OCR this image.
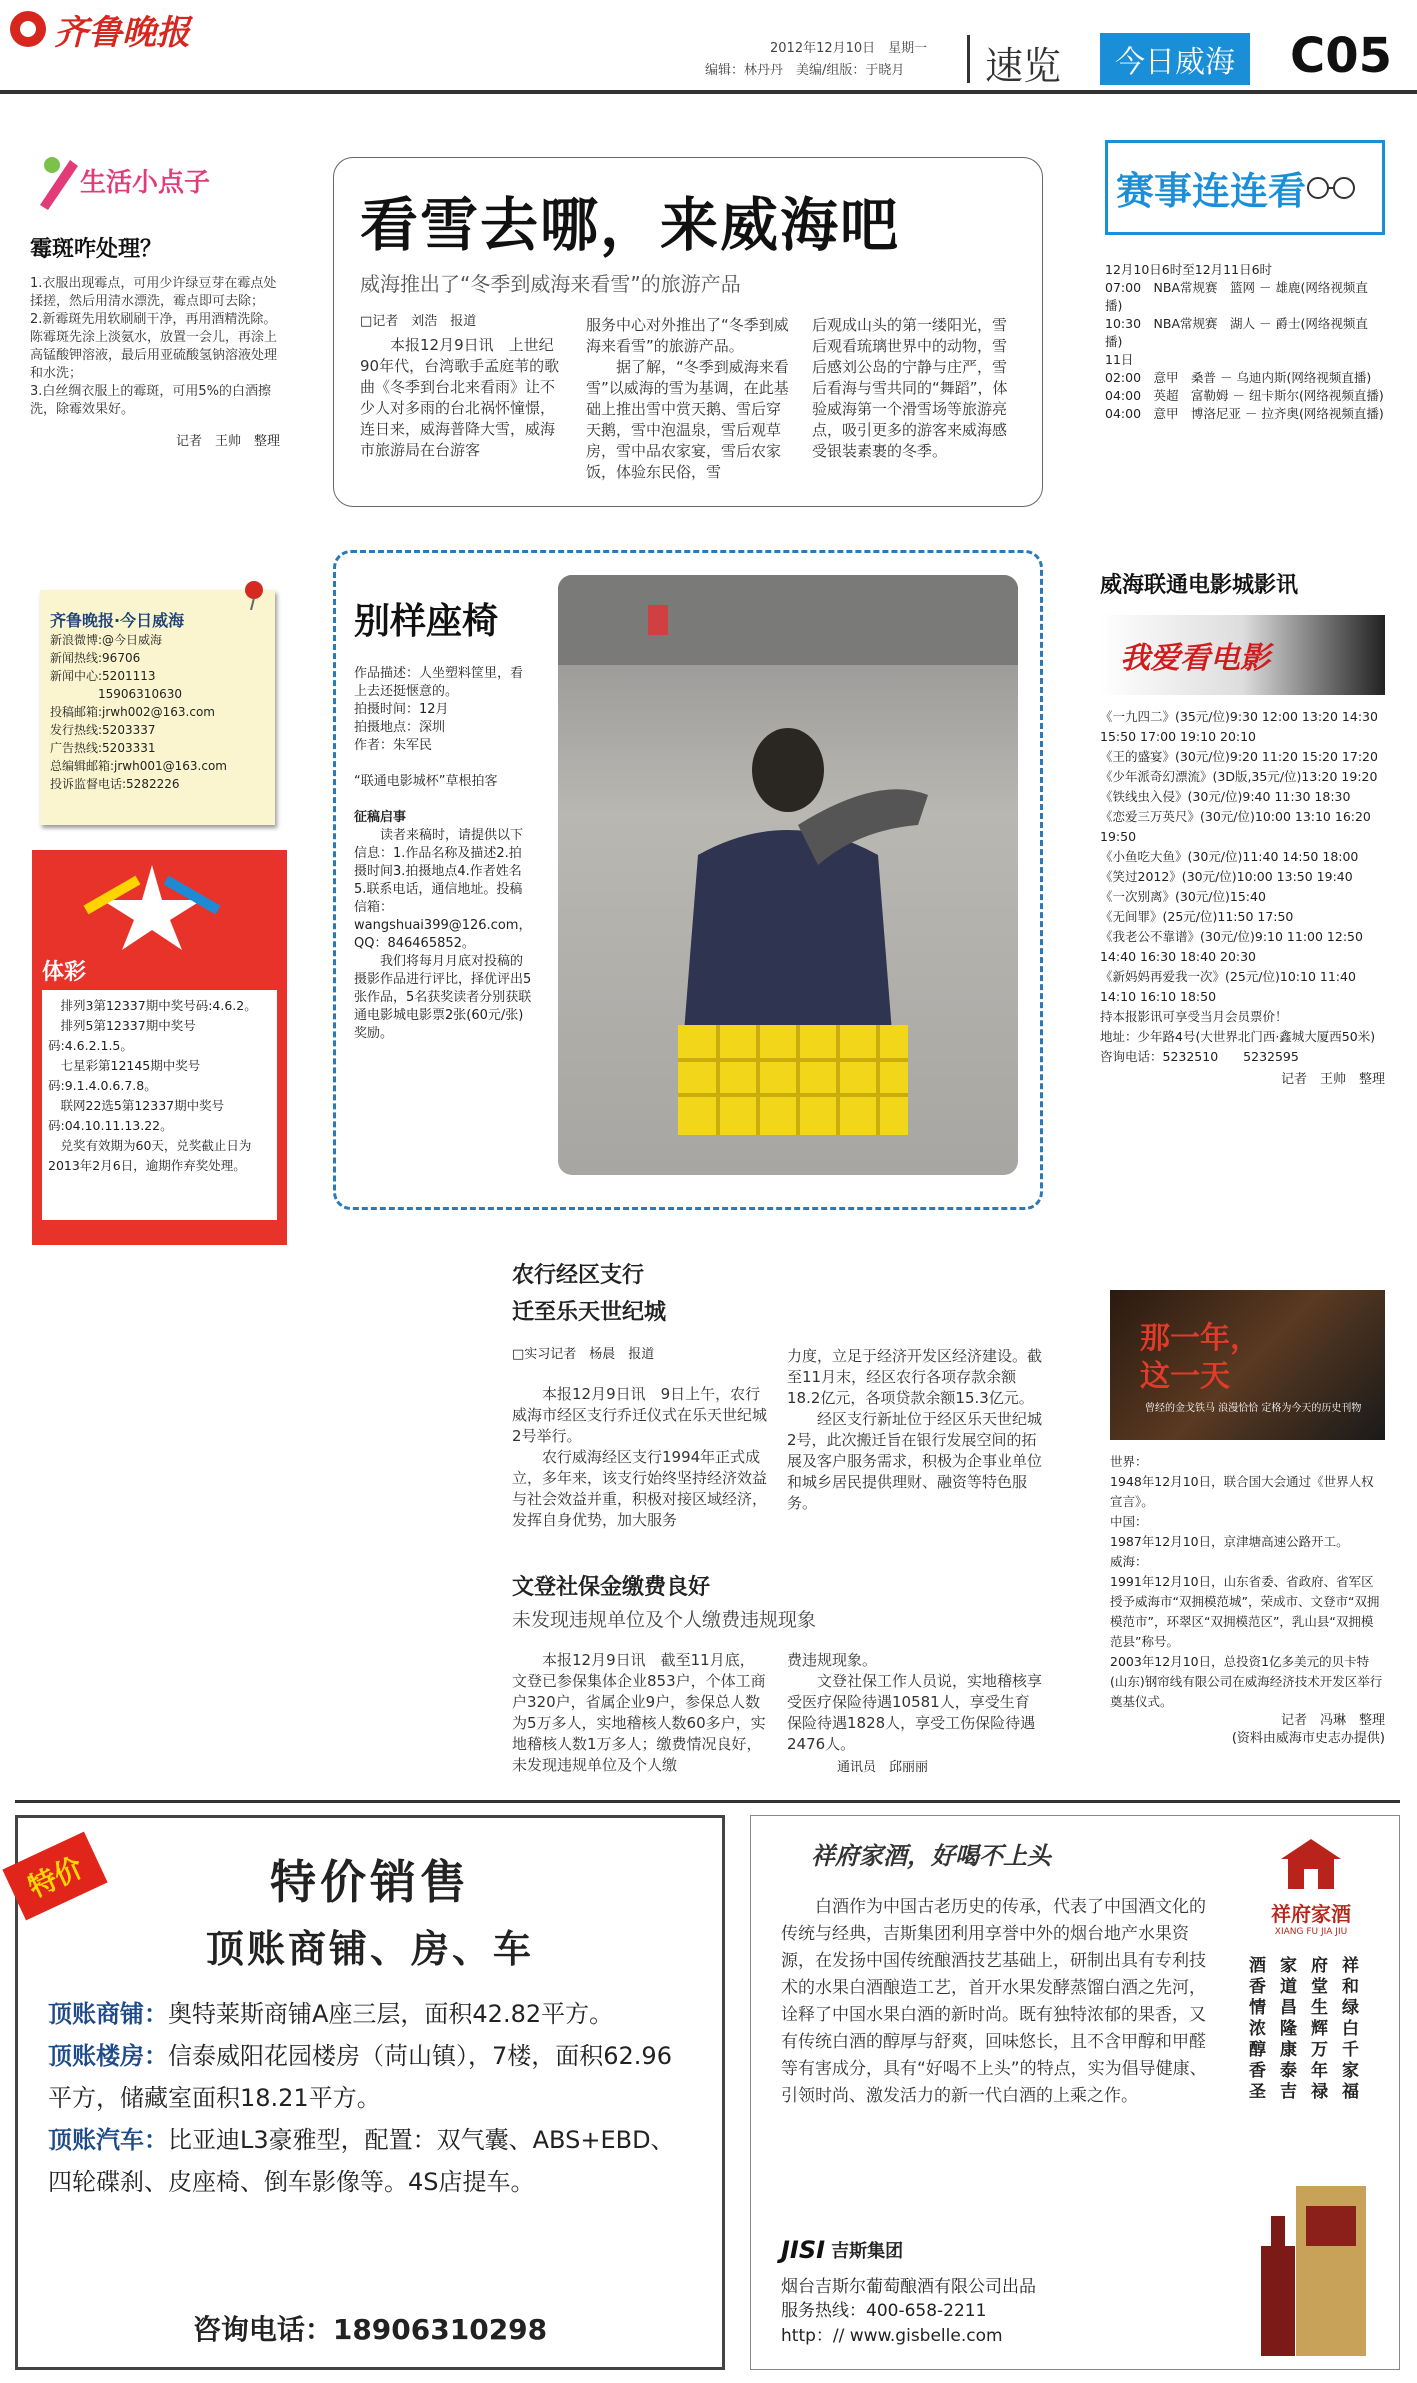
齐鲁晚报	2012年12月10日　星期一
编辑：林丹丹　美编/组版：于晓月 速览 今日威海 C05
生活小点子
霉斑咋处理？
1.衣服出现霉点，可用少许绿豆芽在霉点处揉搓，然后用清水漂洗，霉点即可去除；
2.新霉斑先用软刷刷干净，再用酒精洗除。陈霉斑先涂上淡氨水，放置一会儿，再涂上高锰酸钾溶液，最后用亚硫酸氢钠溶液处理和水洗；
3.白丝绸衣服上的霉斑，可用5%的白酒擦洗，除霉效果好。
记者　王帅　整理
齐鲁晚报·今日威海
新浪微博:@今日威海
新闻热线:96706
新闻中心:5201113
　　　　15906310630
投稿邮箱:jrwh002@163.com
发行热线:5203337
广告热线:5203331
总编辑邮箱:jrwh001@163.com
投诉监督电话:5282226
体彩
　排列3第12337期中奖号码:4.6.2。
　排列5第12337期中奖号码:4.6.2.1.5。
　七星彩第12145期中奖号码:9.1.4.0.6.7.8。
　联网22选5第12337期中奖号码:04.10.11.13.22。
　兑奖有效期为60天，兑奖截止日为2013年2月6日，逾期作弃奖处理。
看雪去哪，来威海吧
威海推出了“冬季到威海来看雪”的旅游产品
□记者　刘浩　报道
　　本报12月9日讯　上世纪90年代，台湾歌手孟庭苇的歌曲《冬季到台北来看雨》让不少人对多雨的台北祸怀憧憬，连日来，威海普降大雪，威海市旅游局在台游客
服务中心对外推出了“冬季到威海来看雪”的旅游产品。
　　据了解，“冬季到威海来看雪”以威海的雪为基调，在此基础上推出雪中赏天鹅、雪后穿天鹅，雪中泡温泉，雪后观草房，雪中品农家宴，雪后农家饭，体验东民俗，雪
后观成山头的第一缕阳光，雪后观看琉璃世界中的动物，雪后感刘公岛的宁静与庄严，雪后看海与雪共同的“舞蹈”，体验威海第一个滑雪场等旅游亮点，吸引更多的游客来威海感受银装素裹的冬季。
别样座椅
作品描述：人坐塑料筐里，看上去还挺惬意的。
拍摄时间：12月
拍摄地点：深圳
作者：朱军民
“联通电影城杯”草根拍客
征稿启事
　　读者来稿时，请提供以下信息：1.作品名称及描述2.拍摄时间3.拍摄地点4.作者姓名5.联系电话，通信地址。投稿信箱：wangshuai399@126.com，QQ：846465852。
　　我们将每月月底对投稿的摄影作品进行评比，择优评出5张作品，5名获奖读者分别获联通电影城电影票2张(60元/张)奖励。
赛事连连看
12月10日6时至12月11日6时
07:00　NBA常规赛　篮网 － 雄鹿(网络视频直播)
10:30　NBA常规赛　湖人 － 爵士(网络视频直播)
11日
02:00　意甲　桑普 － 乌迪内斯(网络视频直播)
04:00　英超　富勒姆 － 纽卡斯尔(网络视频直播)
04:00　意甲　博洛尼亚 － 拉齐奥(网络视频直播)
威海联通电影城影讯
我爱看电影
《一九四二》(35元/位)9:30 12:00 13:20 14:30 15:50 17:00 19:10 20:10
《王的盛宴》(30元/位)9:20 11:20 15:20 17:20
《少年派奇幻漂流》(3D版,35元/位)13:20 19:20
《铁线虫入侵》(30元/位)9:40 11:30 18:30
《恋爱三万英尺》(30元/位)10:00 13:10 16:20 19:50
《小鱼吃大鱼》(30元/位)11:40 14:50 18:00
《笑过2012》(30元/位)10:00 13:50 19:40
《一次别离》(30元/位)15:40
《无间罪》(25元/位)11:50 17:50
《我老公不靠谱》(30元/位)9:10 11:00 12:50 14:40 16:30 18:40 20:30
《新妈妈再爱我一次》(25元/位)10:10 11:40 14:10 16:10 18:50
持本报影讯可享受当月会员票价！
地址：少年路4号(大世界北门西·鑫城大厦西50米)
咨询电话：5232510　　5232595
记者　王帅　整理
农行经区支行
迁至乐天世纪城
□实习记者　杨晨　报道
　　本报12月9日讯　9日上午，农行威海市经区支行乔迁仪式在乐天世纪城2号举行。
　　农行威海经区支行1994年正式成立，多年来，该支行始终坚持经济效益与社会效益并重，积极对接区域经济，发挥自身优势，加大服务
力度，立足于经济开发区经济建设。截至11月末，经区农行各项存款余额18.2亿元，各项贷款余额15.3亿元。
　　经区支行新址位于经区乐天世纪城2号，此次搬迁旨在银行发展空间的拓展及客户服务需求，积极为企事业单位和城乡居民提供理财、融资等特色服务。
文登社保金缴费良好
未发现违规单位及个人缴费违规现象
　　本报12月9日讯　截至11月底，文登已参保集体企业853户，个体工商户320户，省属企业9户，参保总人数为5万多人，实地稽核人数60多户，实地稽核人数1万多人；缴费情况良好，未发现违规单位及个人缴
费违规现象。
　　文登社保工作人员说，实地稽核享受医疗保险待遇10581人，享受生育保险待遇1828人，享受工伤保险待遇2476人。
通讯员　邱丽丽
那一年，这一天
曾经的金戈铁马 浪漫恰恰 定格为今天的历史刊物
世界：
1948年12月10日，联合国大会通过《世界人权宣言》。
中国：
1987年12月10日，京津塘高速公路开工。
威海：
1991年12月10日，山东省委、省政府、省军区授予威海市“双拥模范城”，荣成市、文登市“双拥模范市”，环翠区“双拥模范区”，乳山县“双拥模范县”称号。
2003年12月10日，总投资1亿多美元的贝卡特(山东)钢帘线有限公司在威海经济技术开发区举行奠基仪式。
记者　冯琳　整理
(资料由威海市史志办提供)
特价	特价销售
顶账商铺、房、车
顶账商铺：奥特莱斯商铺A座三层，面积42.82平方。
顶账楼房：信泰威阳花园楼房（苘山镇），7楼，面积62.96平方，储藏室面积18.21平方。
顶账汽车：比亚迪L3豪雅型，配置：双气囊、ABS+EBD、四轮碟刹、皮座椅、倒车影像等。4S店提车。
咨询电话：18906310298
祥府家酒，好喝不上头
　　白酒作为中国古老历史的传承，代表了中国酒文化的传统与经典，吉斯集团利用享誉中外的烟台地产水果资源，在发扬中国传统酿酒技艺基础上，研制出具有专利技术的水果白酒酿造工艺，首开水果发酵蒸馏白酒之先河，诠释了中国水果白酒的新时尚。既有独特浓郁的果香，又有传统白酒的醇厚与舒爽，回味悠长，且不含甲醇和甲醛等有害成分，具有“好喝不上头”的特点，实为倡导健康、引领时尚、激发活力的新一代白酒的上乘之作。
JISI 吉斯集团
烟台吉斯尔葡萄酿酒有限公司出品
服务热线：400-658-2211
http：// www.gisbelle.com
祥府家酒
XIANG FU JIA JIU
祥和绿白千家福
府堂生辉万年禄
家道昌隆康泰吉
酒香情浓醇香圣
